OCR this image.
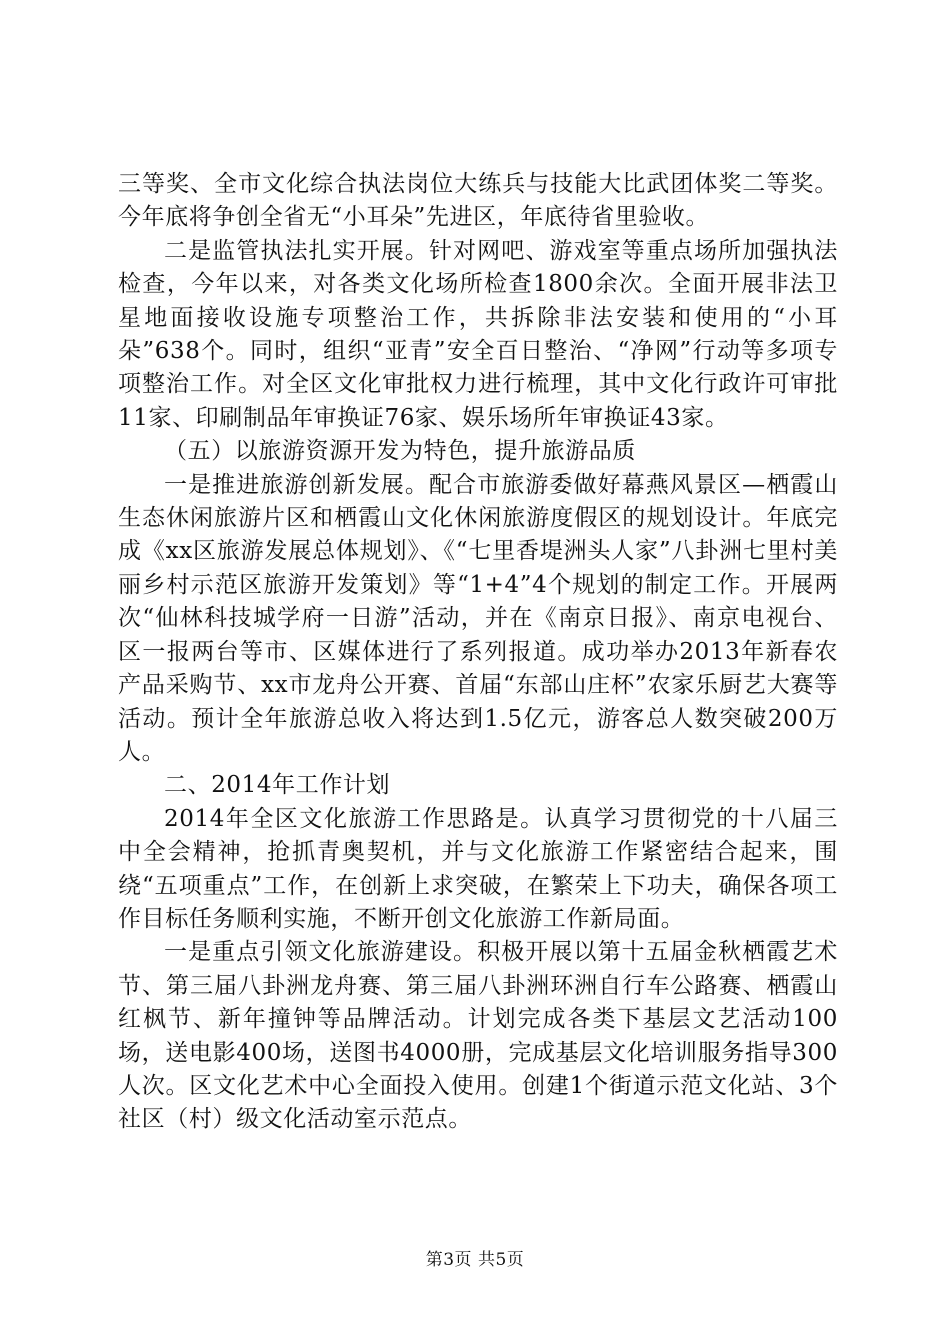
三等奖、全市文化综合执法岗位大练兵与技能大比武团体奖二等奖。今年底将争创全省无“小耳朵”先进区，年底待省里验收。

二是监管执法扎实开展。针对网吧、游戏室等重点场所加强执法检查，今年以来，对各类文化场所检查1800余次。全面开展非法卫星地面接收设施专项整治工作，共拆除非法安装和使用的“小耳朵”638个。同时，组织“亚青”安全百日整治、“净网”行动等多项专项整治工作。对全区文化审批权力进行梳理，其中文化行政许可审批11家、印刷制品年审换证76家、娱乐场所年审换证43家。

（五）以旅游资源开发为特色，提升旅游品质

一是推进旅游创新发展。配合市旅游委做好幕燕风景区—栖霞山生态休闲旅游片区和栖霞山文化休闲旅游度假区的规划设计。年底完成《xx区旅游发展总体规划》、《“七里香堤洲头人家”八卦洲七里村美丽乡村示范区旅游开发策划》等“1+4”4个规划的制定工作。开展两次“仙林科技城学府一日游”活动，并在《南京日报》、南京电视台、区一报两台等市、区媒体进行了系列报道。成功举办2013年新春农产品采购节、xx市龙舟公开赛、首届“东部山庄杯”农家乐厨艺大赛等活动。预计全年旅游总收入将达到1.5亿元，游客总人数突破200万人。

二、2014年工作计划

2014年全区文化旅游工作思路是。认真学习贯彻党的十八届三中全会精神，抢抓青奥契机，并与文化旅游工作紧密结合起来，围绕“五项重点”工作，在创新上求突破，在繁荣上下功夫，确保各项工作目标任务顺利实施，不断开创文化旅游工作新局面。

一是重点引领文化旅游建设。积极开展以第十五届金秋栖霞艺术节、第三届八卦洲龙舟赛、第三届八卦洲环洲自行车公路赛、栖霞山红枫节、新年撞钟等品牌活动。计划完成各类下基层文艺活动100场，送电影400场，送图书4000册，完成基层文化培训服务指导300人次。区文化艺术中心全面投入使用。创建1个街道示范文化站、3个社区（村）级文化活动室示范点。

第3页 共5页
